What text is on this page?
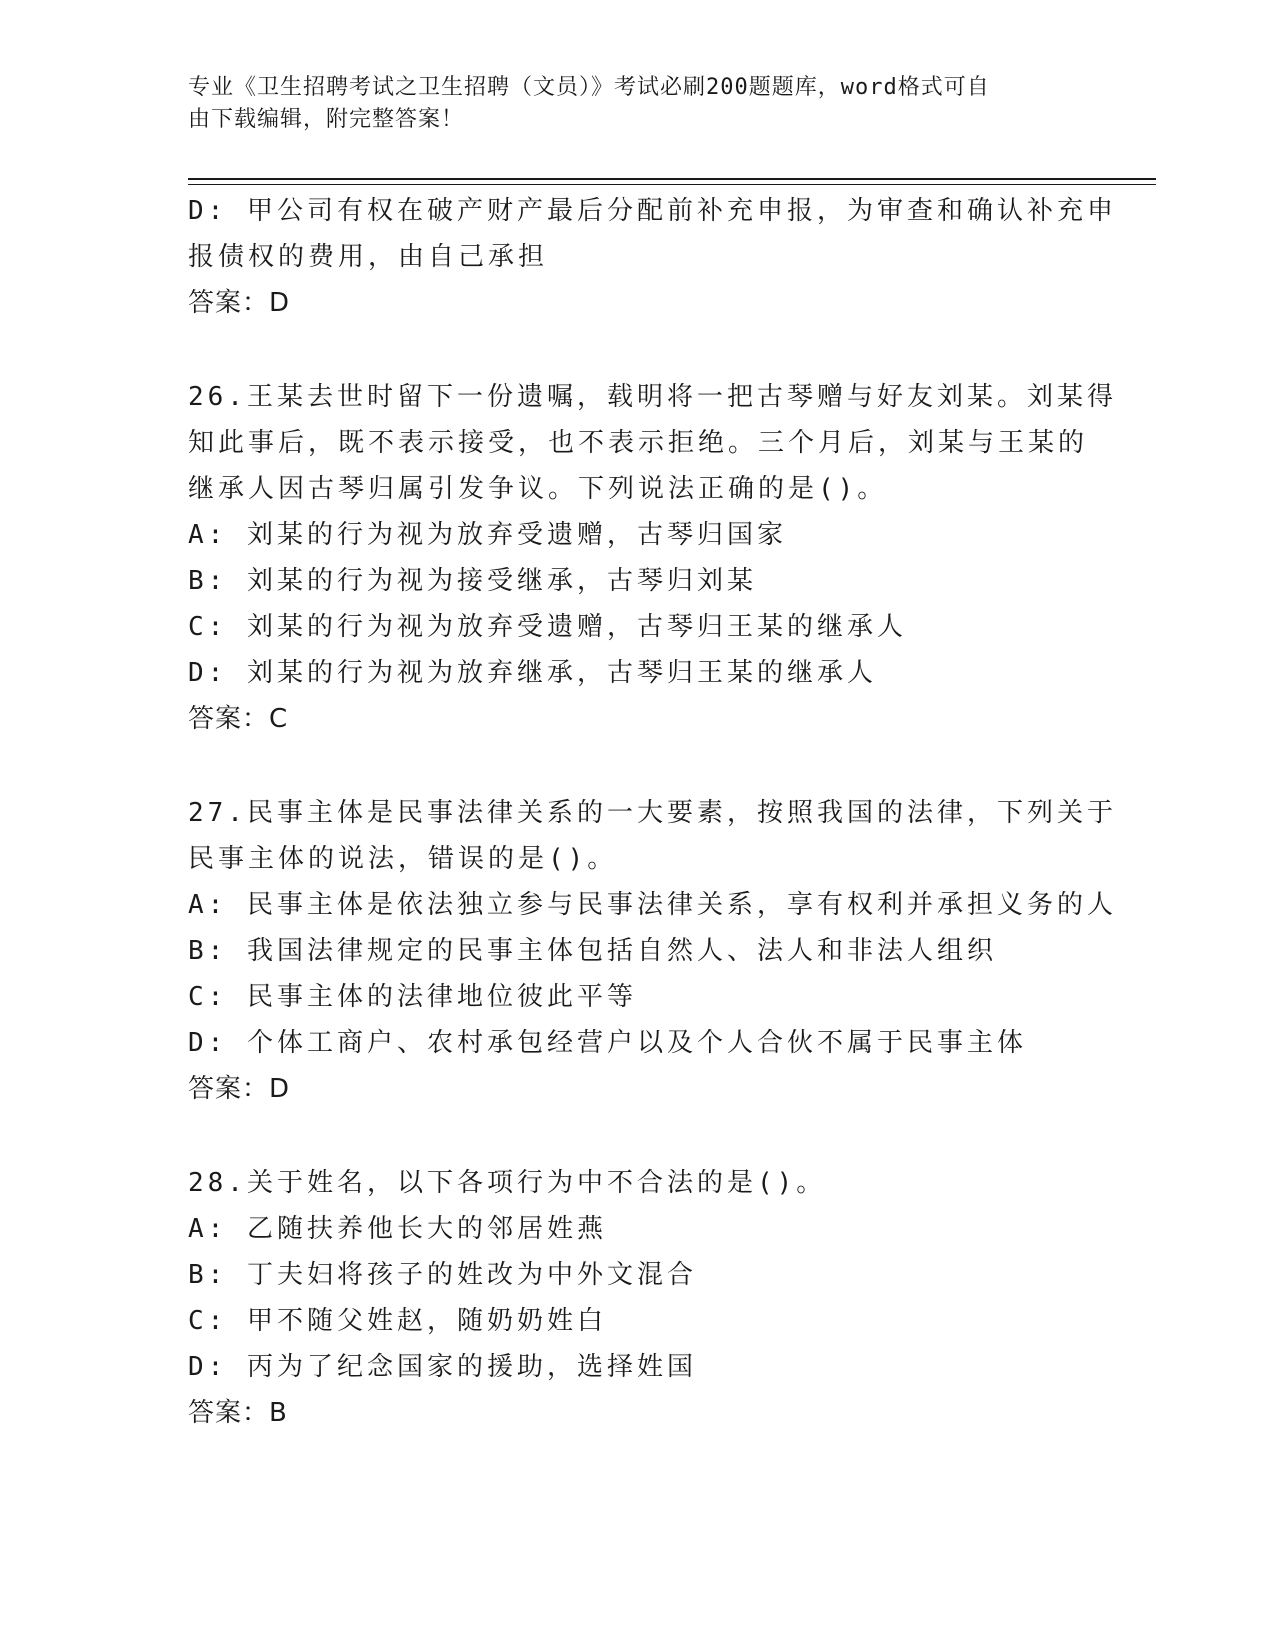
专业《卫生招聘考试之卫生招聘（文员）》考试必刷200题题库，word格式可自
由下载编辑，附完整答案！
D: 甲公司有权在破产财产最后分配前补充申报，为审查和确认补充申
报债权的费用，由自己承担
答案：D
26.王某去世时留下一份遗嘱，载明将一把古琴赠与好友刘某。刘某得
知此事后，既不表示接受，也不表示拒绝。三个月后，刘某与王某的
继承人因古琴归属引发争议。下列说法正确的是()。
A: 刘某的行为视为放弃受遗赠，古琴归国家
B: 刘某的行为视为接受继承，古琴归刘某
C: 刘某的行为视为放弃受遗赠，古琴归王某的继承人
D: 刘某的行为视为放弃继承，古琴归王某的继承人
答案：C
27.民事主体是民事法律关系的一大要素，按照我国的法律，下列关于
民事主体的说法，错误的是()。
A: 民事主体是依法独立参与民事法律关系，享有权利并承担义务的人
B: 我国法律规定的民事主体包括自然人、法人和非法人组织
C: 民事主体的法律地位彼此平等
D: 个体工商户、农村承包经营户以及个人合伙不属于民事主体
答案：D
28.关于姓名，以下各项行为中不合法的是()。
A: 乙随扶养他长大的邻居姓燕
B: 丁夫妇将孩子的姓改为中外文混合
C: 甲不随父姓赵，随奶奶姓白
D: 丙为了纪念国家的援助，选择姓国
答案：B
